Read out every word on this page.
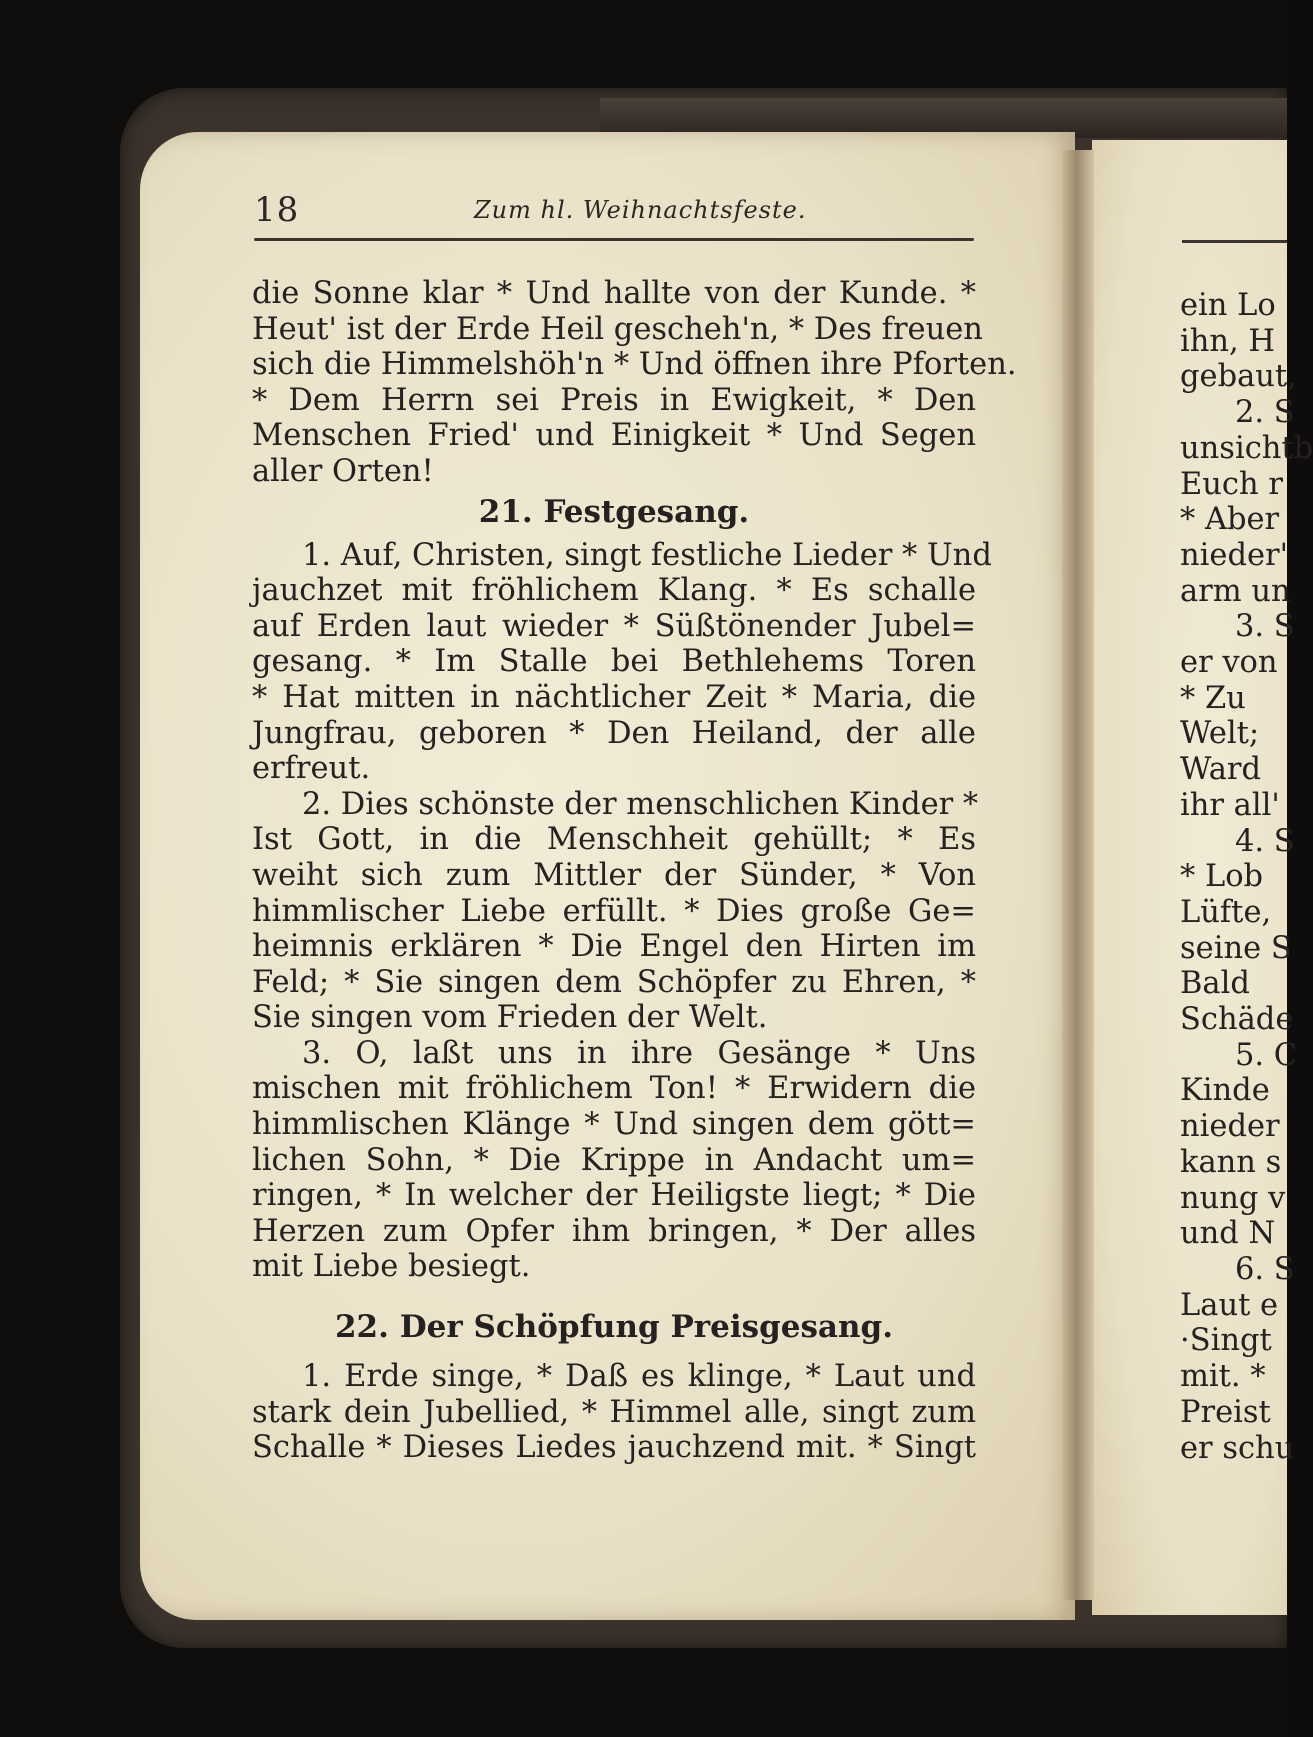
18	Zum hl. Weihnachtsfeste.
die Sonne klar * Und hallte von der Kunde. *
Heut' ist der Erde Heil gescheh'n, * Des freuen
sich die Himmelshöh'n * Und öffnen ihre Pforten.
* Dem Herrn sei Preis in Ewigkeit, * Den
Menschen Fried' und Einigkeit * Und Segen
aller Orten!
21. Festgesang.
1. Auf, Christen, singt festliche Lieder * Und
jauchzet mit fröhlichem Klang. * Es schalle
auf Erden laut wieder * Süßtönender Jubel=
gesang. * Im Stalle bei Bethlehems Toren
* Hat mitten in nächtlicher Zeit * Maria, die
Jungfrau, geboren * Den Heiland, der alle
erfreut.
2. Dies schönste der menschlichen Kinder *
Ist Gott, in die Menschheit gehüllt; * Es
weiht sich zum Mittler der Sünder, * Von
himmlischer Liebe erfüllt. * Dies große Ge=
heimnis erklären * Die Engel den Hirten im
Feld; * Sie singen dem Schöpfer zu Ehren, *
Sie singen vom Frieden der Welt.
3. O, laßt uns in ihre Gesänge * Uns
mischen mit fröhlichem Ton! * Erwidern die
himmlischen Klänge * Und singen dem gött=
lichen Sohn, * Die Krippe in Andacht um=
ringen, * In welcher der Heiligste liegt; * Die
Herzen zum Opfer ihm bringen, * Der alles
mit Liebe besiegt.
22. Der Schöpfung Preisgesang.
1. Erde singe, * Daß es klinge, * Laut und
stark dein Jubellied, * Himmel alle, singt zum
Schalle * Dieses Liedes jauchzend mit. * Singt
ein Lo
ihn, H
gebaut,
2. S
unsichtb
Euch r
* Aber
nieder'
arm un
3. S
er von
* Zu
Welt;
Ward
ihr all'
4. S
* Lob
Lüfte,
seine S
Bald
Schäde
5. C
Kinde
nieder
kann s
nung v
und N
6. S
Laut e
·Singt
mit. *
Preist
er schu
